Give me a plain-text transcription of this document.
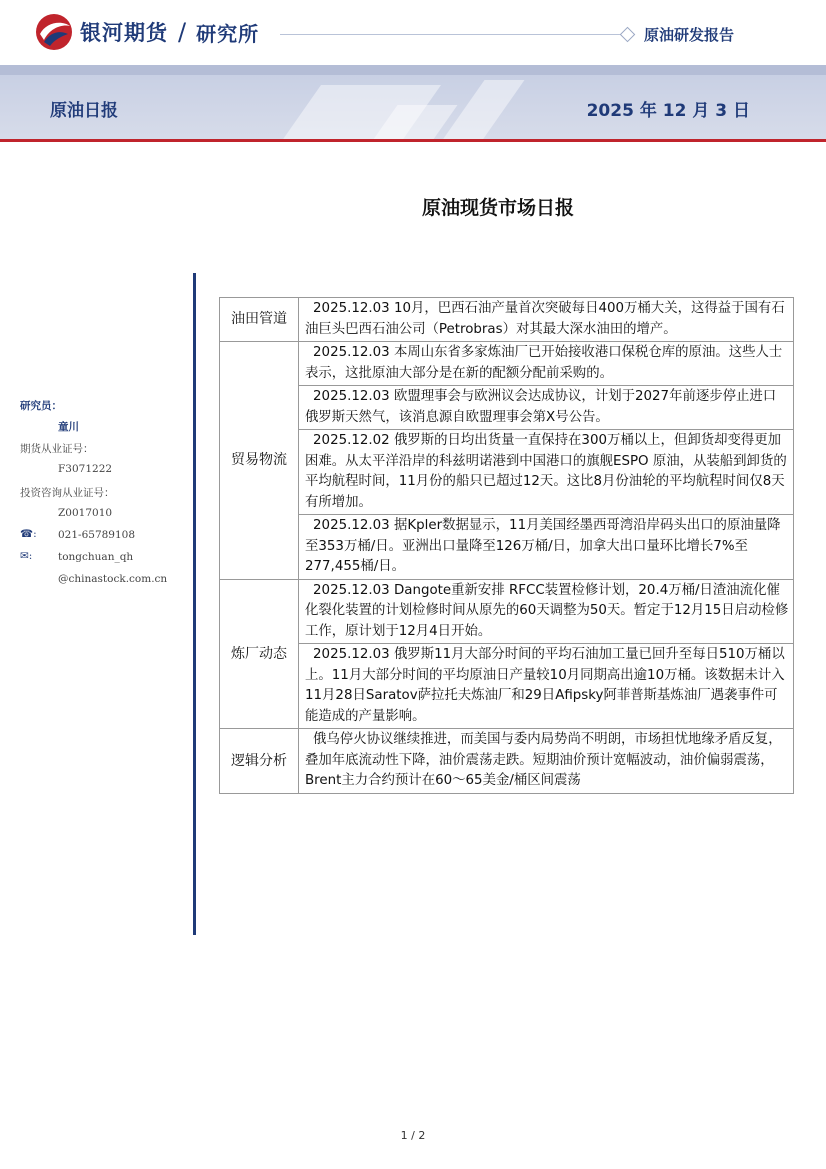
银河期货 / 研究所	原油研发报告
原油日报	2025 年 12 月 3 日
原油现货市场日报
研究员：
童川
期货从业证号：
F3071222
投资咨询从业证号：
Z0017010
☎: 021-65789108
✉: tongchuan_qh
@chinastock.com.cn
油田管道	2025.12.03 10月，巴西石油产量首次突破每日400万桶大关，这得益于国有石油巨头巴西石油公司（Petrobras）对其最大深水油田的增产。
贸易物流	2025.12.03 本周山东省多家炼油厂已开始接收港口保税仓库的原油。这些人士表示，这批原油大部分是在新的配额分配前采购的。
	2025.12.03 欧盟理事会与欧洲议会达成协议，计划于2027年前逐步停止进口俄罗斯天然气，该消息源自欧盟理事会第X号公告。
	2025.12.02 俄罗斯的日均出货量一直保持在300万桶以上，但卸货却变得更加困难。从太平洋沿岸的科兹明诺港到中国港口的旗舰ESPO 原油，从装船到卸货的平均航程时间，11月份的船只已超过12天。这比8月份油轮的平均航程时间仅8天有所增加。
	2025.12.03 据Kpler数据显示，11月美国经墨西哥湾沿岸码头出口的原油量降至353万桶/日。亚洲出口量降至126万桶/日，加拿大出口量环比增长7%至277,455桶/日。
炼厂动态	2025.12.03 Dangote重新安排 RFCC装置检修计划，20.4万桶/日渣油流化催化裂化装置的计划检修时间从原先的60天调整为50天。暂定于12月15日启动检修工作，原计划于12月4日开始。
	2025.12.03 俄罗斯11月大部分时间的平均石油加工量已回升至每日510万桶以上。11月大部分时间的平均原油日产量较10月同期高出逾10万桶。该数据未计入11月28日Saratov萨拉托夫炼油厂和29日Afipsky阿菲普斯基炼油厂遇袭事件可能造成的产量影响。
逻辑分析	俄乌停火协议继续推进，而美国与委内局势尚不明朗，市场担忧地缘矛盾反复，叠加年底流动性下降，油价震荡走跌。短期油价预计宽幅波动，油价偏弱震荡，Brent主力合约预计在60～65美金/桶区间震荡
1 / 2
